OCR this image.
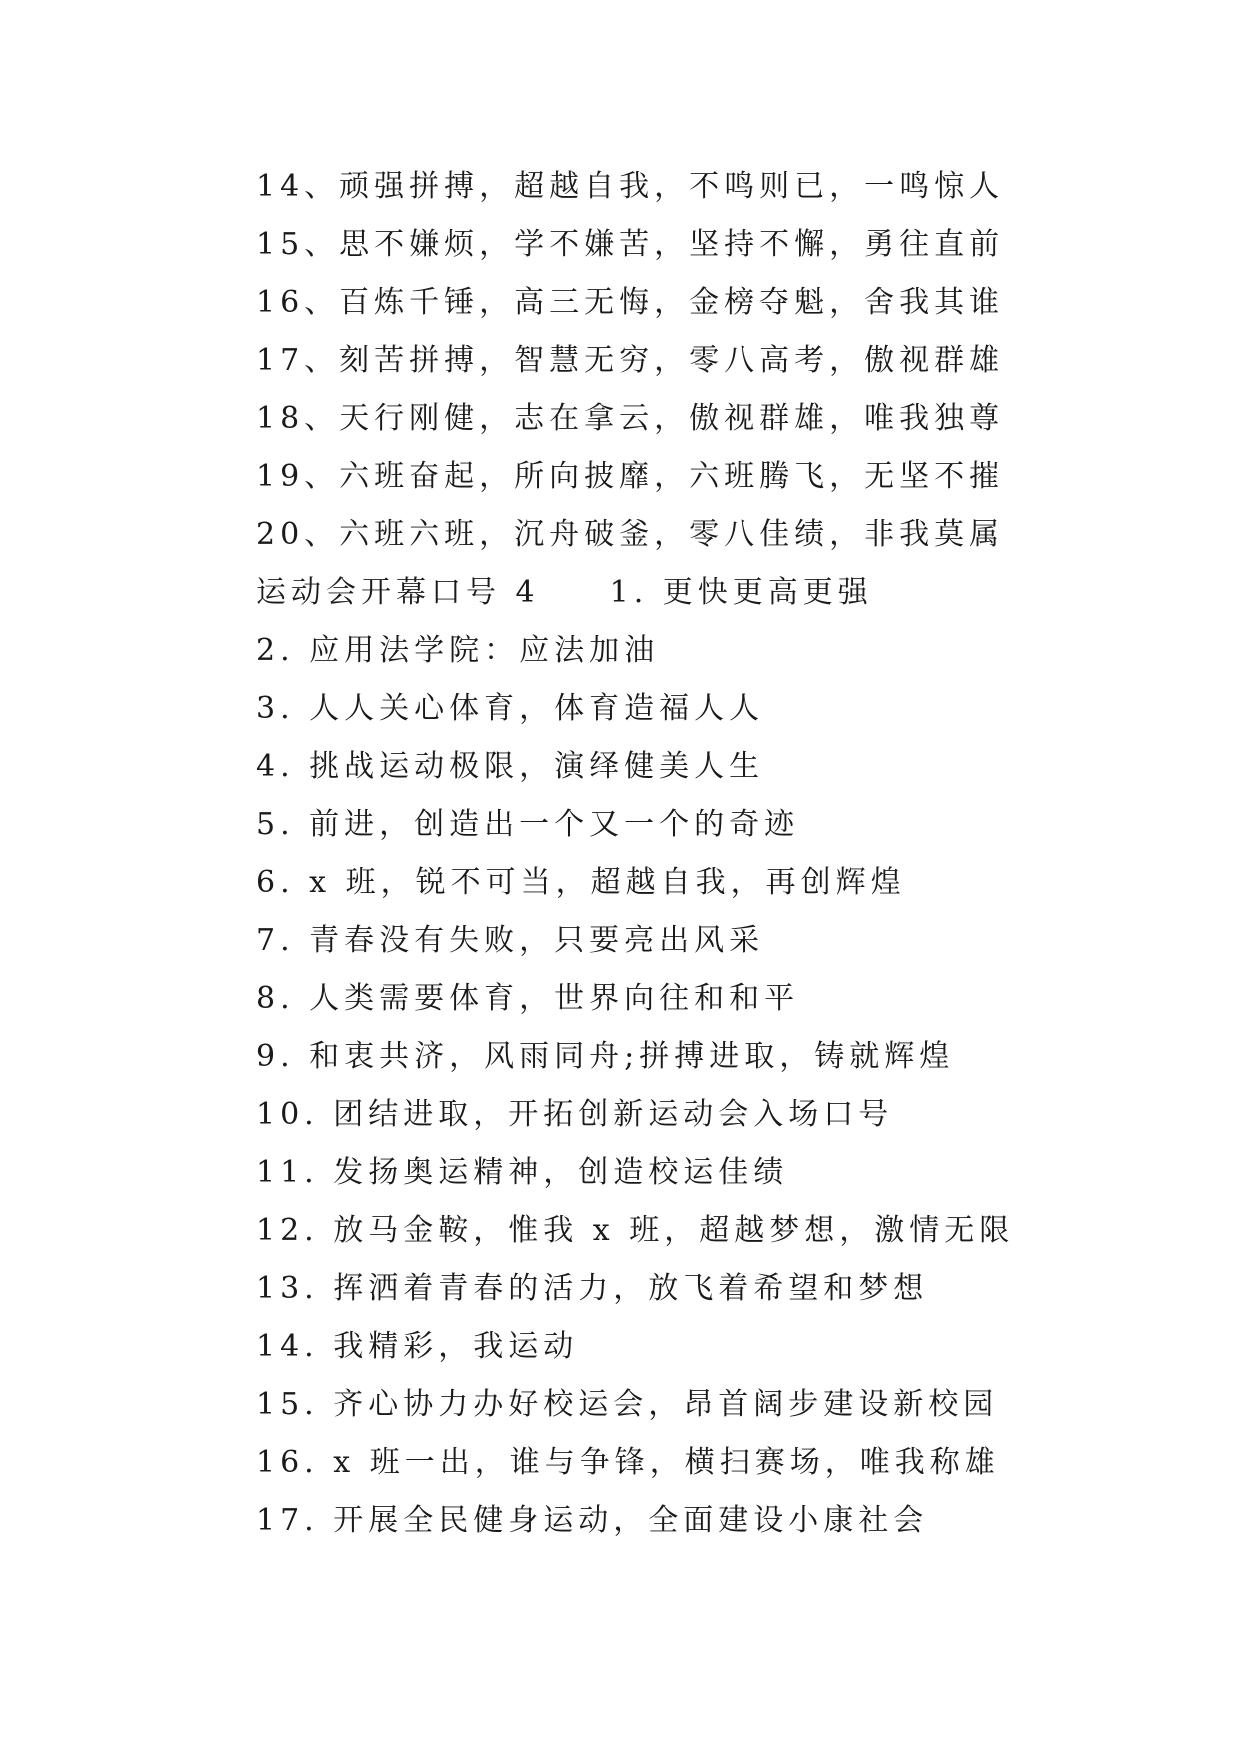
14、顽强拼搏，超越自我，不鸣则已，一鸣惊人
15、思不嫌烦，学不嫌苦，坚持不懈，勇往直前
16、百炼千锤，高三无悔，金榜夺魁，舍我其谁
17、刻苦拼搏，智慧无穷，零八高考，傲视群雄
18、天行刚健，志在拿云，傲视群雄，唯我独尊
19、六班奋起，所向披靡，六班腾飞，无坚不摧
20、六班六班，沉舟破釜，零八佳绩，非我莫属
运动会开幕口号 4　　1. 更快更高更强
2. 应用法学院：应法加油
3. 人人关心体育，体育造福人人
4. 挑战运动极限，演绎健美人生
5. 前进，创造出一个又一个的奇迹
6. x 班，锐不可当，超越自我，再创辉煌
7. 青春没有失败，只要亮出风采
8. 人类需要体育，世界向往和和平
9. 和衷共济，风雨同舟;拼搏进取，铸就辉煌
10. 团结进取，开拓创新运动会入场口号
11. 发扬奥运精神，创造校运佳绩
12. 放马金鞍，惟我 x 班，超越梦想，激情无限
13. 挥洒着青春的活力，放飞着希望和梦想
14. 我精彩，我运动
15. 齐心协力办好校运会，昂首阔步建设新校园
16. x 班一出，谁与争锋，横扫赛场，唯我称雄
17. 开展全民健身运动，全面建设小康社会
